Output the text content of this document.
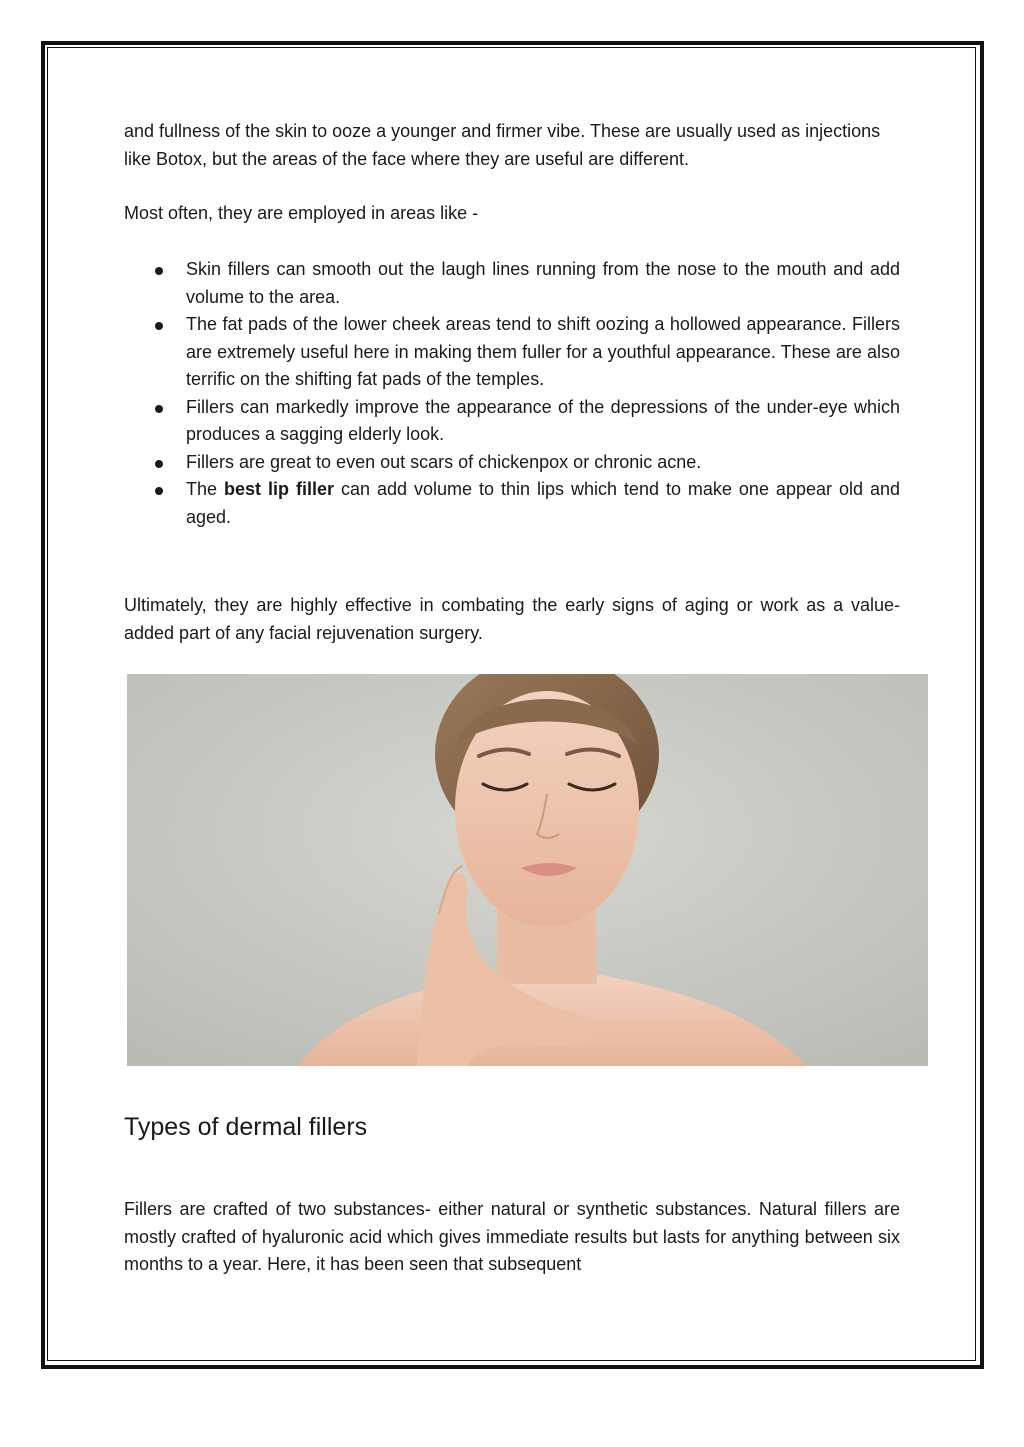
and fullness of the skin to ooze a younger and firmer vibe. These are usually used as injections like Botox, but the areas of the face where they are useful are different.

Most often, they are employed in areas like -

Skin fillers can smooth out the laugh lines running from the nose to the mouth and add volume to the area.
The fat pads of the lower cheek areas tend to shift oozing a hollowed appearance. Fillers are extremely useful here in making them fuller for a youthful appearance. These are also terrific on the shifting fat pads of the temples.
Fillers can markedly improve the appearance of the depressions of the under-eye which produces a sagging elderly look.
Fillers are great to even out scars of chickenpox or chronic acne.
The best lip filler can add volume to thin lips which tend to make one appear old and aged.

Ultimately, they are highly effective in combating the early signs of aging or work as a value-added part of any facial rejuvenation surgery.

Types of dermal fillers

Fillers are crafted of two substances- either natural or synthetic substances. Natural fillers are mostly crafted of hyaluronic acid which gives immediate results but lasts for anything between six months to a year. Here, it has been seen that subsequent
